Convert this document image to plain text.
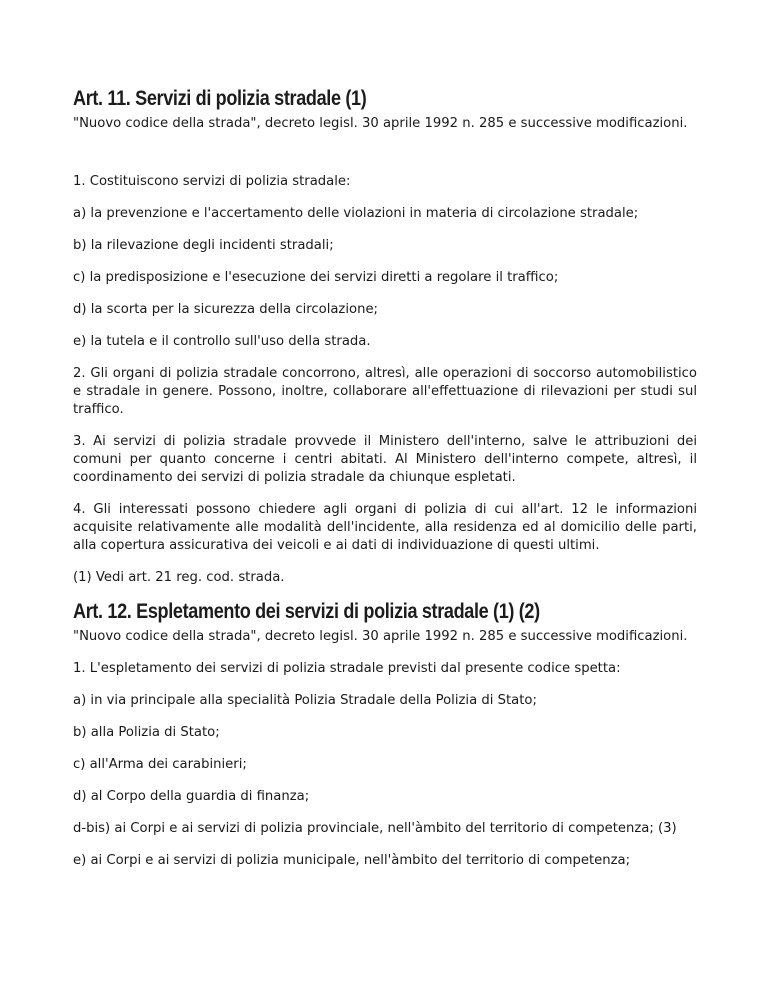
Art. 11. Servizi di polizia stradale (1)

"Nuovo codice della strada", decreto legisl. 30 aprile 1992 n. 285 e successive modificazioni.

1. Costituiscono servizi di polizia stradale:

a) la prevenzione e l'accertamento delle violazioni in materia di circolazione stradale;

b) la rilevazione degli incidenti stradali;

c) la predisposizione e l'esecuzione dei servizi diretti a regolare il traffico;

d) la scorta per la sicurezza della circolazione;

e) la tutela e il controllo sull'uso della strada.

2. Gli organi di polizia stradale concorrono, altresì, alle operazioni di soccorso automobilistico e stradale in genere. Possono, inoltre, collaborare all'effettuazione di rilevazioni per studi sul traffico.

3. Ai servizi di polizia stradale provvede il Ministero dell'interno, salve le attribuzioni dei comuni per quanto concerne i centri abitati. Al Ministero dell'interno compete, altresì, il coordinamento dei servizi di polizia stradale da chiunque espletati.

4. Gli interessati possono chiedere agli organi di polizia di cui all'art. 12 le informazioni acquisite relativamente alle modalità dell'incidente, alla residenza ed al domicilio delle parti, alla copertura assicurativa dei veicoli e ai dati di individuazione di questi ultimi.

(1) Vedi art. 21 reg. cod. strada.

Art. 12. Espletamento dei servizi di polizia stradale (1) (2)

"Nuovo codice della strada", decreto legisl. 30 aprile 1992 n. 285 e successive modificazioni.

1. L'espletamento dei servizi di polizia stradale previsti dal presente codice spetta:

a) in via principale alla specialità Polizia Stradale della Polizia di Stato;

b) alla Polizia di Stato;

c) all'Arma dei carabinieri;

d) al Corpo della guardia di finanza;

d-bis) ai Corpi e ai servizi di polizia provinciale, nell'àmbito del territorio di competenza; (3)

e) ai Corpi e ai servizi di polizia municipale, nell'àmbito del territorio di competenza;
